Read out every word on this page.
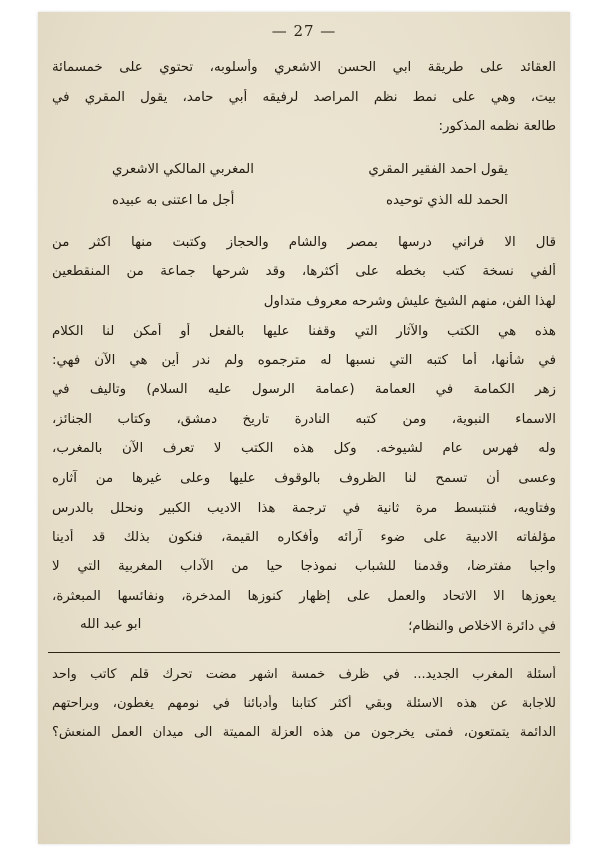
— 27 —
العقائد على طريقة ابي الحسن الاشعري وأسلوبه، تحتوي على خمسمائة
بيت، وهي على نمط نظم المراصد لرفيقه أبي حامد، يقول المقري في
طالعة نظمه المذكور:
يقول احمد الفقير المقري
المغربي المالكي الاشعري
الحمد لله الذي توحيده
أجل ما اعتنى به عبيده
قال الا فراني درسها بمصر والشام والحجاز وكتبت منها اكثر من
ألفي نسخة كتب بخطه على أكثرها، وقد شرحها جماعة من المنقطعين
لهذا الفن، منهم الشيخ عليش وشرحه معروف متداول
هذه هي الكتب والآثار التي وقفنا عليها بالفعل أو أمكن لنا الكلام
في شأنها، أما كتبه التي نسبها له مترجموه ولم ندر أين هي الآن فهي:
زهر الكمامة في العمامة (عمامة الرسول عليه السلام) وتاليف في
الاسماء النبوية، ومن كتبه النادرة تاريخ دمشق، وكتاب الجنائز،
وله فهرس عام لشيوخه. وكل هذه الكتب لا تعرف الآن بالمغرب،
وعسى أن تسمح لنا الظروف بالوقوف عليها وعلى غيرها من آثاره
وفتاويه، فنتبسط مرة ثانية في ترجمة هذا الاديب الكبير ونحلل بالدرس
مؤلفاته الادبية على ضوء آرائه وأفكاره القيمة، فنكون بذلك قد أدينا
واجبا مفترضا، وقدمنا للشباب نموذجا حيا من الآداب المغربية التي لا
يعوزها الا الاتحاد والعمل على إظهار كنوزها المدخرة، ونفائسها المبعثرة،
في دائرة الاخلاص والنظام؛
ابو عبد الله
أسئلة المغرب الجديد... في ظرف خمسة اشهر مضت تحرك قلم كاتب واحد
للاجابة عن هذه الاسئلة وبقي أكثر كتابنا وأدبائنا في نومهم يغطون، وبراحتهم
الدائمة يتمتعون، فمتى يخرجون من هذه العزلة المميتة الى ميدان العمل المنعش؟
